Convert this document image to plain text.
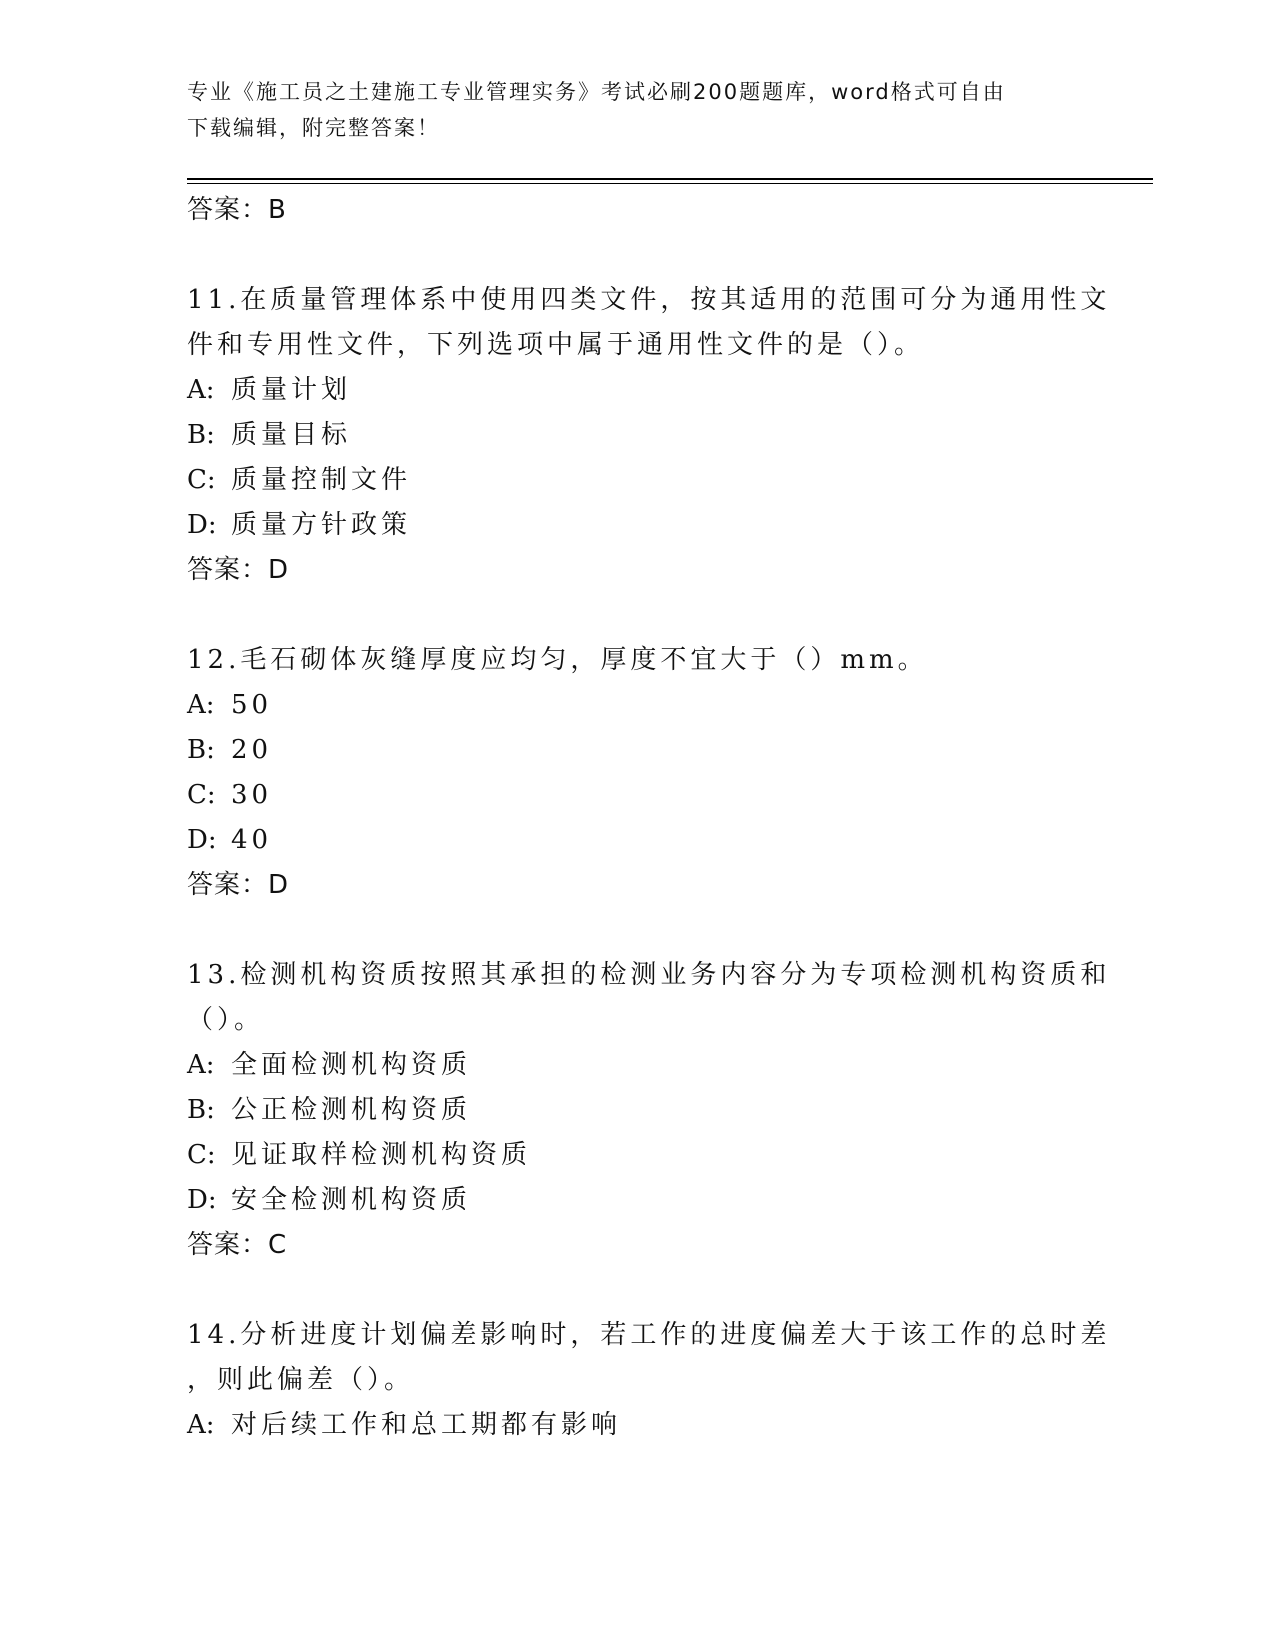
专业《施工员之土建施工专业管理实务》考试必刷200题题库，word格式可自由
下载编辑，附完整答案！
答案：B
11.在质量管理体系中使用四类文件，按其适用的范围可分为通用性文
件和专用性文件，下列选项中属于通用性文件的是（）。
A: 质量计划
B: 质量目标
C: 质量控制文件
D: 质量方针政策
答案：D
12.毛石砌体灰缝厚度应均匀，厚度不宜大于（）mm。
A: 50
B: 20
C: 30
D: 40
答案：D
13.检测机构资质按照其承担的检测业务内容分为专项检测机构资质和
（）。
A: 全面检测机构资质
B: 公正检测机构资质
C: 见证取样检测机构资质
D: 安全检测机构资质
答案：C
14.分析进度计划偏差影响时，若工作的进度偏差大于该工作的总时差
，则此偏差（）。
A: 对后续工作和总工期都有影响
